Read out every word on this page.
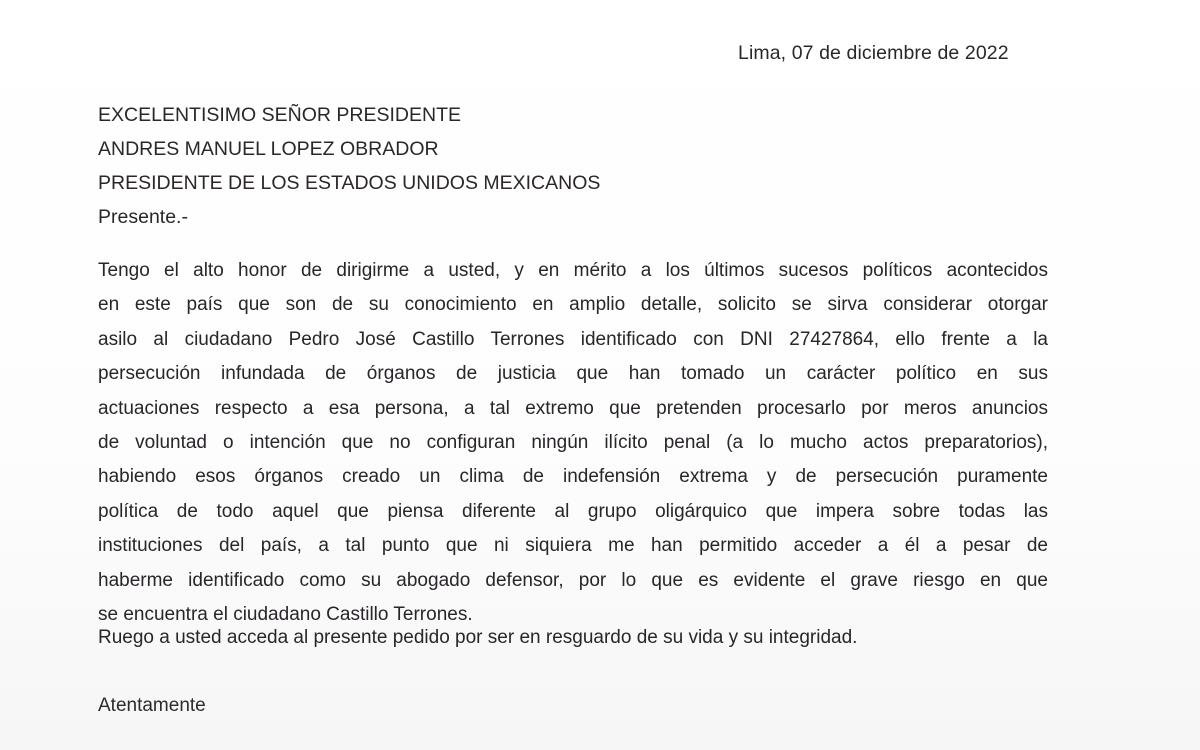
Lima, 07 de diciembre de 2022
EXCELENTISIMO SEÑOR PRESIDENTE
ANDRES MANUEL LOPEZ OBRADOR
PRESIDENTE DE LOS ESTADOS UNIDOS MEXICANOS
Presente.-
Tengo el alto honor de dirigirme a usted, y en mérito a los últimos sucesos políticos acontecidos
en este país que son de su conocimiento en amplio detalle, solicito se sirva considerar otorgar
asilo al ciudadano Pedro José Castillo Terrones identificado con DNI 27427864, ello frente a la
persecución infundada de órganos de justicia que han tomado un carácter político en sus
actuaciones respecto a esa persona, a tal extremo que pretenden procesarlo por meros anuncios
de voluntad o intención que no configuran ningún ilícito penal (a lo mucho actos preparatorios),
habiendo esos órganos creado un clima de indefensión extrema y de persecución puramente
política de todo aquel que piensa diferente al grupo oligárquico que impera sobre todas las
instituciones del país, a tal punto que ni siquiera me han permitido acceder a él a pesar de
haberme identificado como su abogado defensor, por lo que es evidente el grave riesgo en que
se encuentra el ciudadano Castillo Terrones.
Ruego a usted acceda al presente pedido por ser en resguardo de su vida y su integridad.
Atentamente
